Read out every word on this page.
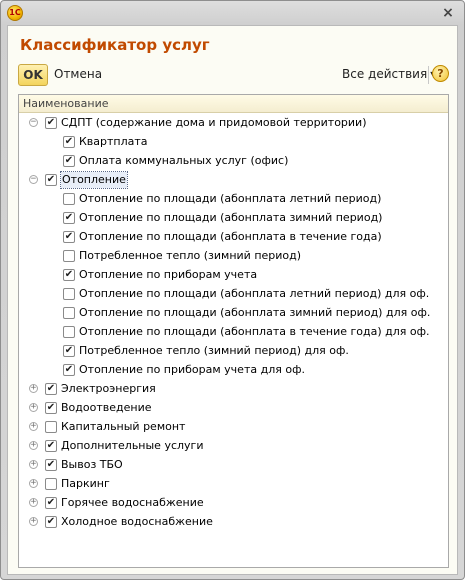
1C	×
Классификатор услуг
OK Отмена	Все действия ?
Наименование
− ✔ СДПТ (содержание дома и придомовой территории)
✔ Квартплата
✔ Оплата коммунальных услуг (офис)
− ✔ Отопление
Отопление по площади (абонплата летний период)
✔ Отопление по площади (абонплата зимний период)
✔ Отопление по площади (абонплата в течение года)
Потребленное тепло (зимний период)
✔ Отопление по приборам учета
Отопление по площади (абонплата летний период) для оф.
Отопление по площади (абонплата зимний период) для оф.
Отопление по площади (абонплата в течение года) для оф.
✔ Потребленное тепло (зимний период) для оф.
✔ Отопление по приборам учета для оф.
+ ✔ Электроэнергия
+ ✔ Водоотведение
+ Капитальный ремонт
+ ✔ Дополнительные услуги
+ ✔ Вывоз ТБО
+ Паркинг
+ ✔ Горячее водоснабжение
+ ✔ Холодное водоснабжение
